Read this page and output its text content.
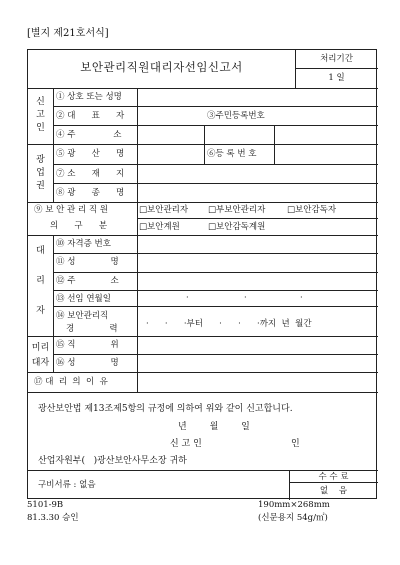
[별지 제21호서식]
보안관리직원대리자선임신고서
처리기간
1 일
신
고
인
① 상호 또는 성명
② 대      표      자	③주민등록번호
④ 주              소
광
업
권
⑤ 광      산      명	⑥등 록 번 호
⑦ 소      재      지
⑧ 광      종      명
⑨ 보 안 관 리 직 원
의      구      분
□보안관리자 □부보안관리자	□보안감독자
□보안계원	□보안감독계원
대

리

자
⑩ 자격증 번호
⑪ 성             명
⑫ 주             소
⑬ 선임 연월일	·	·	·
⑭ 보안관리직
경             력	·      ·      ·부터      ·      ·      ·까지  년  월간
미리
대자
⑮ 직             위
⑯ 성             명
⑰ 대  리  의  이  유
광산보안법 제13조제5항의 규정에 의하여 위와 같이 신고합니다.
년        월        일
신 고 인	인
산업자원부(   )광산보안사무소장 귀하
구비서류 : 없음
수 수 료
없    음
5101-9B
81.3.30 승인
190mm×268mm
(신문용지 54g/㎡)
